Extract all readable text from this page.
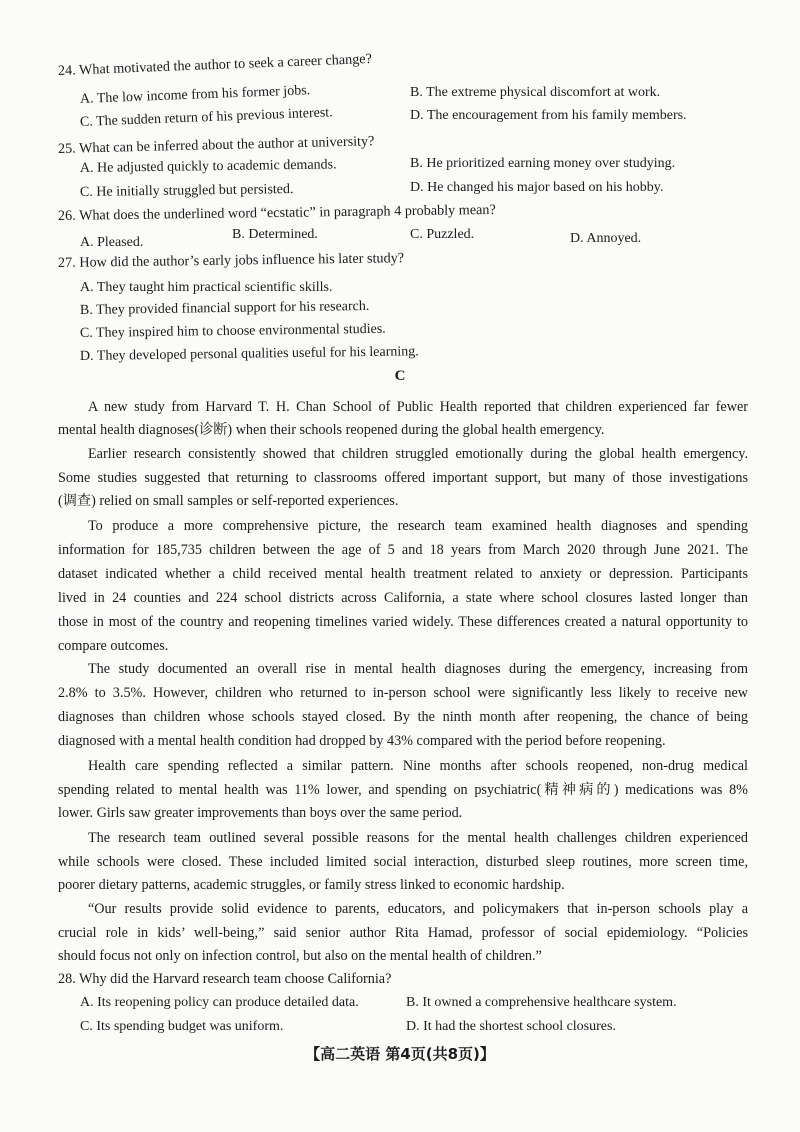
24. What motivated the author to seek a career change?
A. The low income from his former jobs.	B. The extreme physical discomfort at work.
C. The sudden return of his previous interest.	D. The encouragement from his family members.
25. What can be inferred about the author at university?
A. He adjusted quickly to academic demands.	B. He prioritized earning money over studying.
C. He initially struggled but persisted.	D. He changed his major based on his hobby.
26. What does the underlined word “ecstatic” in paragraph 4 probably mean?
A. Pleased.
B. Determined.	C. Puzzled.	D. Annoyed.
27. How did the author’s early jobs influence his later study?
A. They taught him practical scientific skills.
B. They provided financial support for his research.
C. They inspired him to choose environmental studies.
D. They developed personal qualities useful for his learning.
C
A new study from Harvard T. H. Chan School of Public Health reported that children experienced far fewer
mental health diagnoses(诊断) when their schools reopened during the global health emergency.
Earlier research consistently showed that children struggled emotionally during the global health emergency.
Some studies suggested that returning to classrooms offered important support, but many of those investigations
(调查) relied on small samples or self-reported experiences.
To produce a more comprehensive picture, the research team examined health diagnoses and spending
information for 185,735 children between the age of 5 and 18 years from March 2020 through June 2021. The
dataset indicated whether a child received mental health treatment related to anxiety or depression. Participants
lived in 24 counties and 224 school districts across California, a state where school closures lasted longer than
those in most of the country and reopening timelines varied widely. These differences created a natural opportunity to
compare outcomes.
The study documented an overall rise in mental health diagnoses during the emergency, increasing from
2.8% to 3.5%. However, children who returned to in-person school were significantly less likely to receive new
diagnoses than children whose schools stayed closed. By the ninth month after reopening, the chance of being
diagnosed with a mental health condition had dropped by 43% compared with the period before reopening.
Health care spending reflected a similar pattern. Nine months after schools reopened, non-drug medical
spending related to mental health was 11% lower, and spending on psychiatric(精神病的) medications was 8%
lower. Girls saw greater improvements than boys over the same period.
The research team outlined several possible reasons for the mental health challenges children experienced
while schools were closed. These included limited social interaction, disturbed sleep routines, more screen time,
poorer dietary patterns, academic struggles, or family stress linked to economic hardship.
“Our results provide solid evidence to parents, educators, and policymakers that in-person schools play a
crucial role in kids’ well-being,” said senior author Rita Hamad, professor of social epidemiology. “Policies
should focus not only on infection control, but also on the mental health of children.”
28. Why did the Harvard research team choose California?
A. Its reopening policy can produce detailed data.	B. It owned a comprehensive healthcare system.
C. Its spending budget was uniform.	D. It had the shortest school closures.
【高二英语 第4页(共8页)】
